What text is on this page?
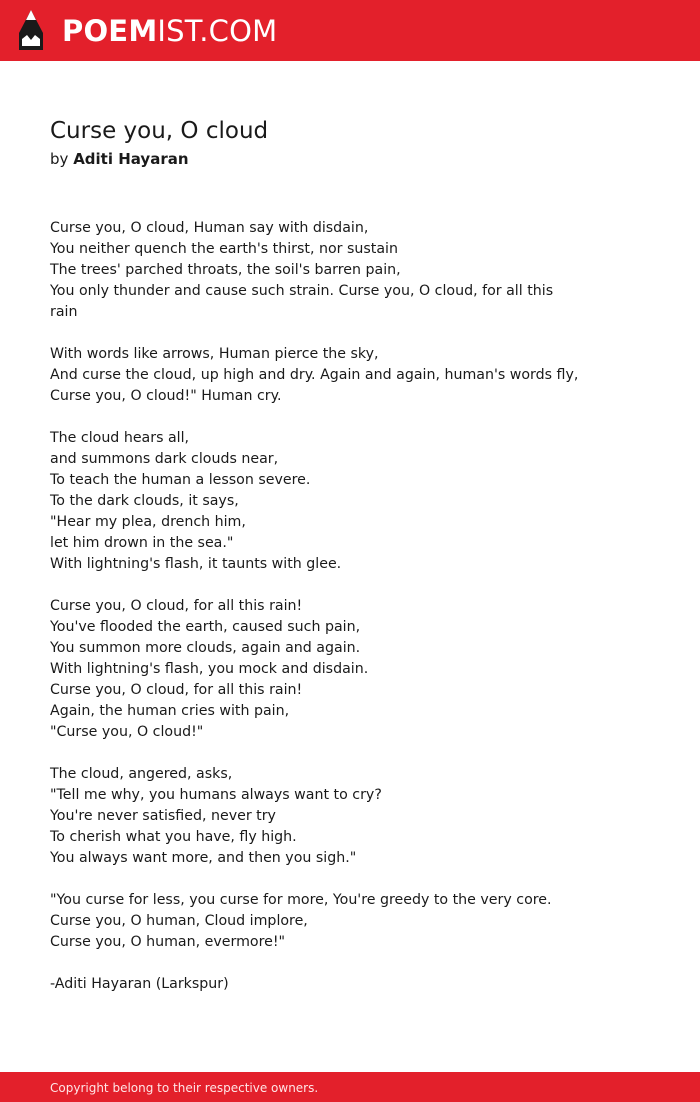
POEMIST.COM
Curse you, O cloud

by Aditi Hayaran

Curse you, O cloud, Human say with disdain,
You neither quench the earth's thirst, nor sustain
The trees' parched throats, the soil's barren pain,
You only thunder and cause such strain. Curse you, O cloud, for all this
rain

With words like arrows, Human pierce the sky,
And curse the cloud, up high and dry. Again and again, human's words fly,
Curse you, O cloud!" Human cry.

The cloud hears all,
and summons dark clouds near,
To teach the human a lesson severe.
To the dark clouds, it says,
"Hear my plea, drench him,
let him drown in the sea."
With lightning's flash, it taunts with glee.

Curse you, O cloud, for all this rain!
You've flooded the earth, caused such pain,
You summon more clouds, again and again.
With lightning's flash, you mock and disdain.
Curse you, O cloud, for all this rain!
Again, the human cries with pain,
"Curse you, O cloud!"

The cloud, angered, asks,
"Tell me why, you humans always want to cry?
You're never satisfied, never try
To cherish what you have, fly high.
You always want more, and then you sigh."

"You curse for less, you curse for more, You're greedy to the very core.
Curse you, O human, Cloud implore,
Curse you, O human, evermore!"

-Aditi Hayaran (Larkspur)

Copyright belong to their respective owners.
